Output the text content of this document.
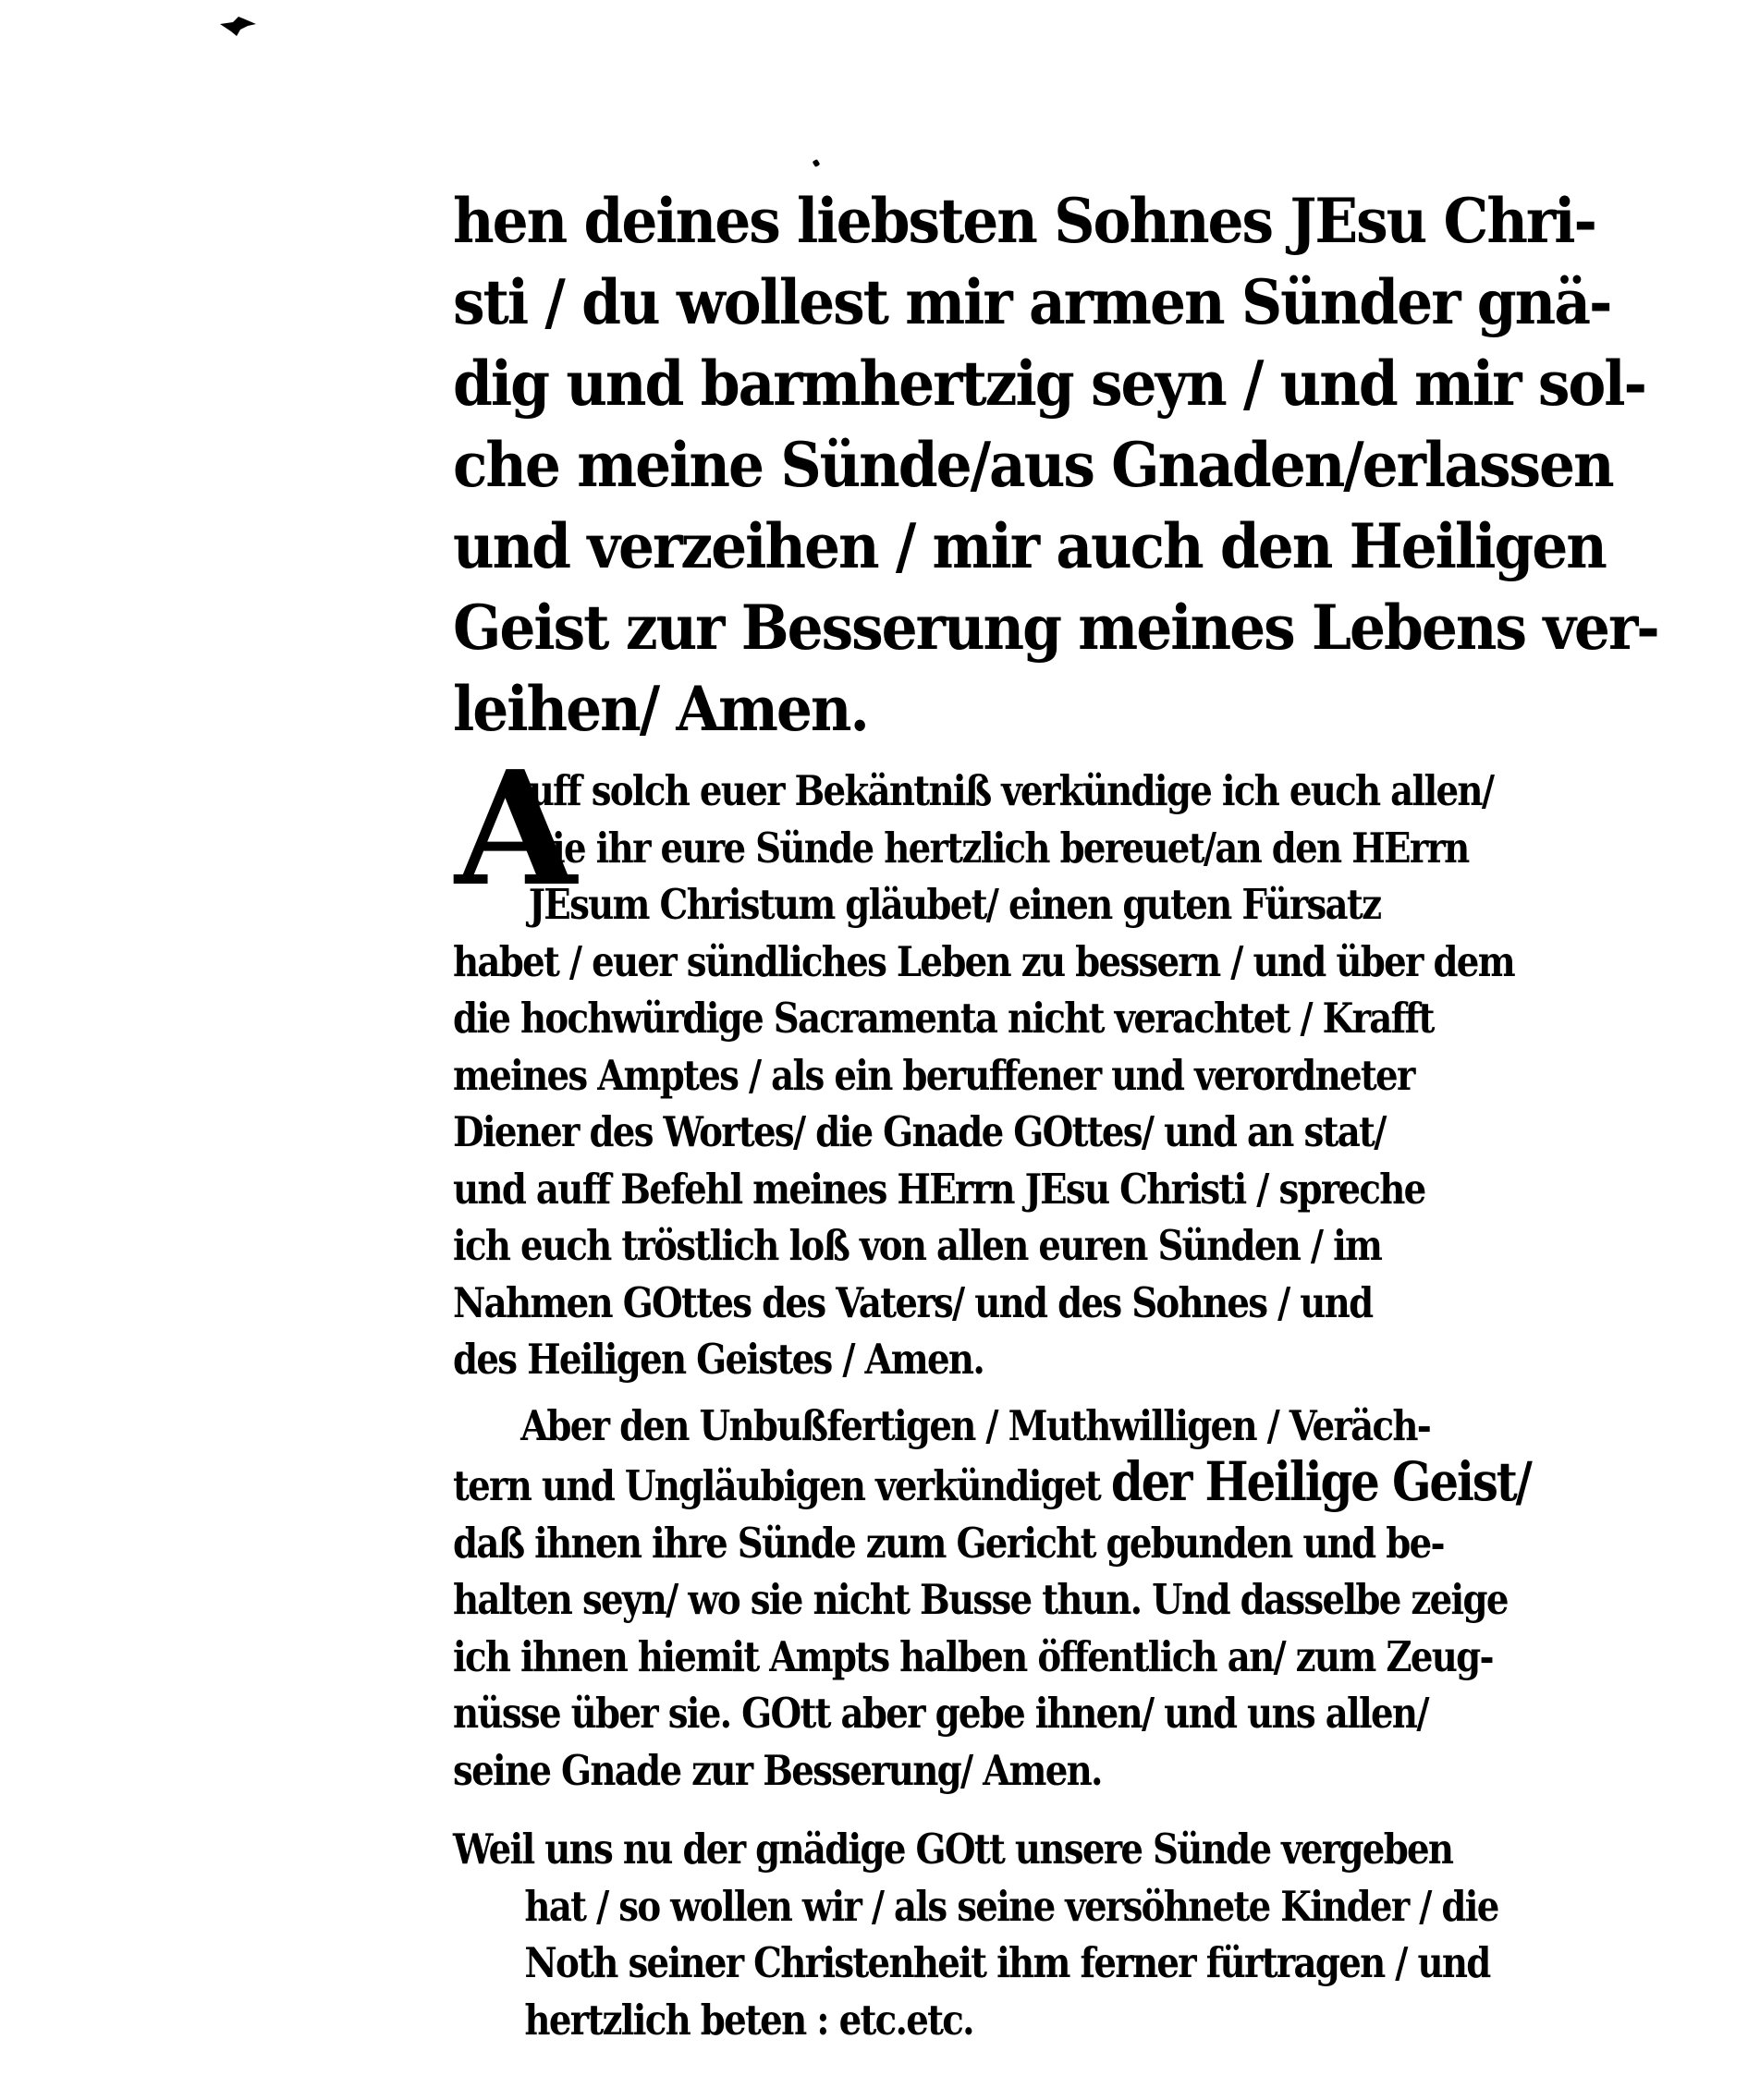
hen deines liebsten Sohnes JEsu Chri-
sti / du wollest mir armen Sünder gnä-
dig und barmhertzig seyn / und mir sol-
che meine Sünde/aus Gnaden/erlassen
und verzeihen / mir auch den Heiligen
Geist zur Besserung meines Lebens ver-
leihen/ Amen.
A
uff solch euer Bekäntniß verkündige ich euch allen/
die ihr eure Sünde hertzlich bereuet/an den HErrn
JEsum Christum gläubet/ einen guten Fürsatz
habet / euer sündliches Leben zu bessern / und über dem
die hochwürdige Sacramenta nicht verachtet / Krafft
meines Amptes / als ein beruffener und verordneter
Diener des Wortes/ die Gnade GOttes/ und an stat/
und auff Befehl meines HErrn JEsu Christi / spreche
ich euch tröstlich loß von allen euren Sünden / im
Nahmen GOttes des Vaters/ und des Sohnes / und
des Heiligen Geistes / Amen.
Aber den Unbußfertigen / Muthwilligen / Veräch-
tern und Ungläubigen verkündiget der Heilige Geist/
daß ihnen ihre Sünde zum Gericht gebunden und be-
halten seyn/ wo sie nicht Busse thun. Und dasselbe zeige
ich ihnen hiemit Ampts halben öffentlich an/ zum Zeug-
nüsse über sie. GOtt aber gebe ihnen/ und uns allen/
seine Gnade zur Besserung/ Amen.
Weil uns nu der gnädige GOtt unsere Sünde vergeben
hat / so wollen wir / als seine versöhnete Kinder / die
Noth seiner Christenheit ihm ferner fürtragen / und
hertzlich beten : etc.etc.
